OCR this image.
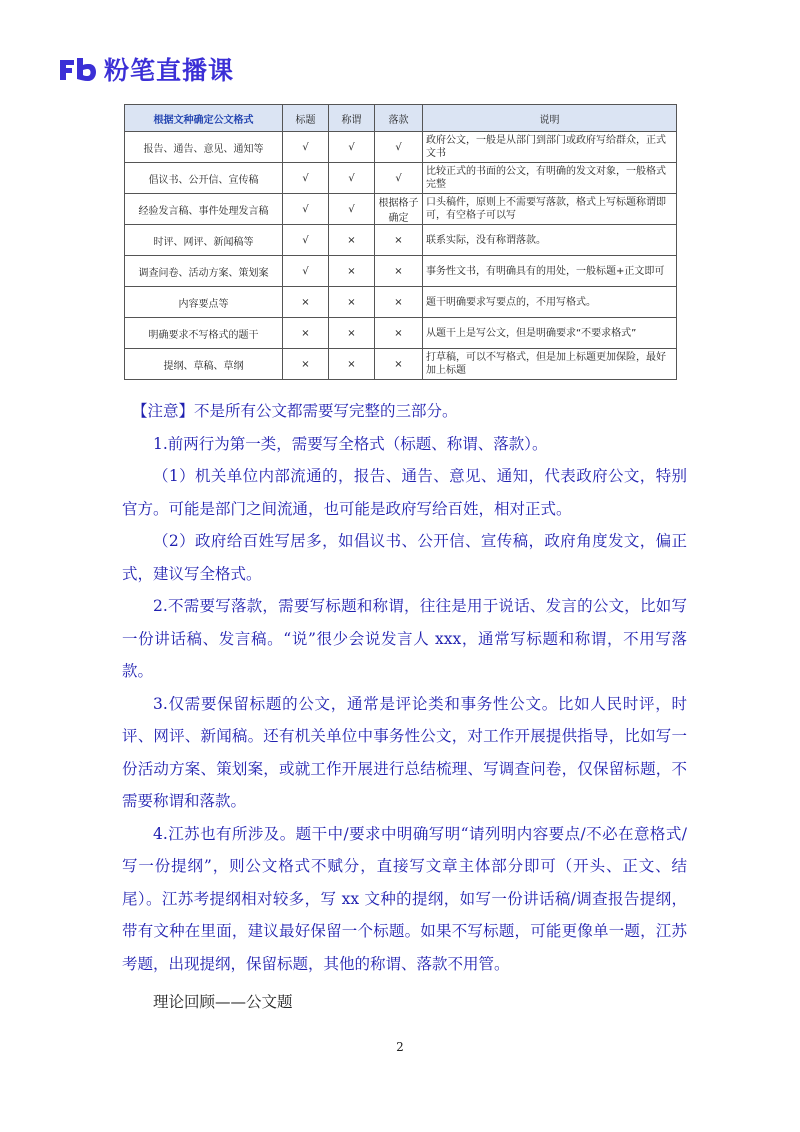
粉笔直播课
根据文种确定公文格式	标题	称谓	落款	说明
报告、通告、意见、通知等	√	√	√	政府公文，一般是从部门到部门或政府写给群众，正式文书
倡议书、公开信、宣传稿	√	√	√	比较正式的书面的公文，有明确的发文对象，一般格式完整
经验发言稿、事件处理发言稿	√	√	根据格子确定	口头稿件，原则上不需要写落款，格式上写标题称谓即可，有空格子可以写
时评、网评、新闻稿等	√	×	×	联系实际，没有称谓落款。
调查问卷、活动方案、策划案	√	×	×	事务性文书，有明确具有的用处，一般标题+正文即可
内容要点等	×	×	×	题干明确要求写要点的，不用写格式。
明确要求不写格式的题干	×	×	×	从题干上是写公文，但是明确要求“不要求格式”
提纲、草稿、草纲	×	×	×	打草稿，可以不写格式，但是加上标题更加保险，最好加上标题

【注意】不是所有公文都需要写完整的三部分。

1.前两行为第一类，需要写全格式（标题、称谓、落款）。

（1）机关单位内部流通的，报告、通告、意见、通知，代表政府公文，特别官方。可能是部门之间流通，也可能是政府写给百姓，相对正式。

（2）政府给百姓写居多，如倡议书、公开信、宣传稿，政府角度发文，偏正式，建议写全格式。

2.不需要写落款，需要写标题和称谓，往往是用于说话、发言的公文，比如写一份讲话稿、发言稿。“说”很少会说发言人 xxx，通常写标题和称谓，不用写落款。

3.仅需要保留标题的公文，通常是评论类和事务性公文。比如人民时评，时评、网评、新闻稿。还有机关单位中事务性公文，对工作开展提供指导，比如写一份活动方案、策划案，或就工作开展进行总结梳理、写调查问卷，仅保留标题，不需要称谓和落款。

4.江苏也有所涉及。题干中/要求中明确写明“请列明内容要点/不必在意格式/写一份提纲”，则公文格式不赋分，直接写文章主体部分即可（开头、正文、结尾）。江苏考提纲相对较多，写 xx 文种的提纲，如写一份讲话稿/调查报告提纲，带有文种在里面，建议最好保留一个标题。如果不写标题，可能更像单一题，江苏考题，出现提纲，保留标题，其他的称谓、落款不用管。

理论回顾——公文题
2
